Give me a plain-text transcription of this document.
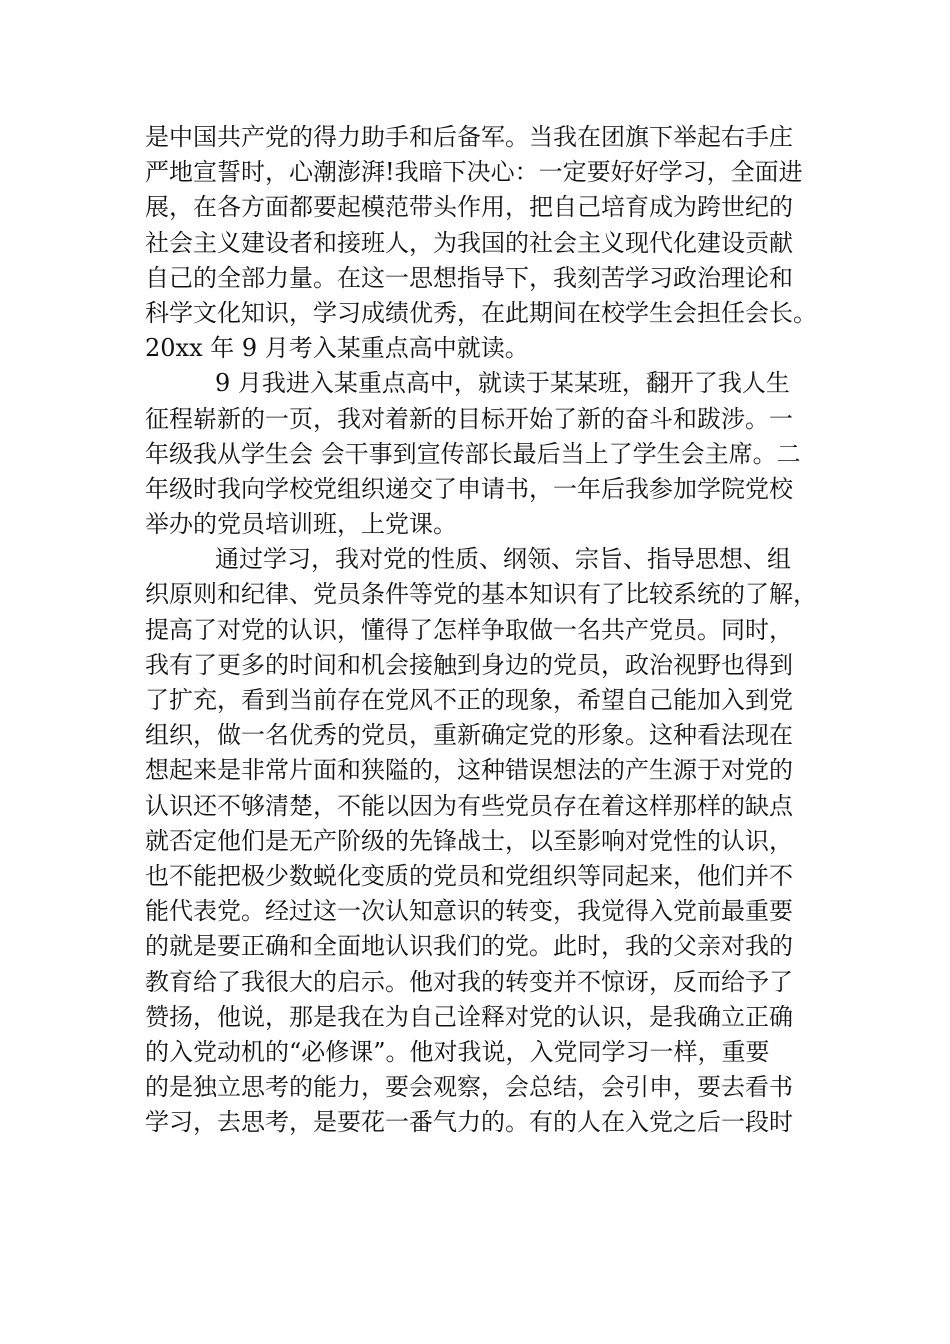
是中国共产党的得力助手和后备军。当我在团旗下举起右手庄
严地宣誓时，心潮澎湃!我暗下决心：一定要好好学习，全面进
展，在各方面都要起模范带头作用，把自己培育成为跨世纪的
社会主义建设者和接班人，为我国的社会主义现代化建设贡献
自己的全部力量。在这一思想指导下，我刻苦学习政治理论和
科学文化知识，学习成绩优秀，在此期间在校学生会担任会长。
20xx 年 9 月考入某重点高中就读。
9 月我进入某重点高中，就读于某某班，翻开了我人生
征程崭新的一页，我对着新的目标开始了新的奋斗和跋涉。一
年级我从学生会 会干事到宣传部长最后当上了学生会主席。二
年级时我向学校党组织递交了申请书，一年后我参加学院党校
举办的党员培训班，上党课。
通过学习，我对党的性质、纲领、宗旨、指导思想、组
织原则和纪律、党员条件等党的基本知识有了比较系统的了解，
提高了对党的认识，懂得了怎样争取做一名共产党员。同时，
我有了更多的时间和机会接触到身边的党员，政治视野也得到
了扩充，看到当前存在党风不正的现象，希望自己能加入到党
组织，做一名优秀的党员，重新确定党的形象。这种看法现在
想起来是非常片面和狭隘的，这种错误想法的产生源于对党的
认识还不够清楚，不能以因为有些党员存在着这样那样的缺点
就否定他们是无产阶级的先锋战士，以至影响对党性的认识，
也不能把极少数蜕化变质的党员和党组织等同起来，他们并不
能代表党。经过这一次认知意识的转变，我觉得入党前最重要
的就是要正确和全面地认识我们的党。此时，我的父亲对我的
教育给了我很大的启示。他对我的转变并不惊讶，反而给予了
赞扬，他说，那是我在为自己诠释对党的认识，是我确立正确
的入党动机的“必修课”。他对我说，入党同学习一样，重要
的是独立思考的能力，要会观察，会总结，会引申，要去看书
学习，去思考，是要花一番气力的。有的人在入党之后一段时
